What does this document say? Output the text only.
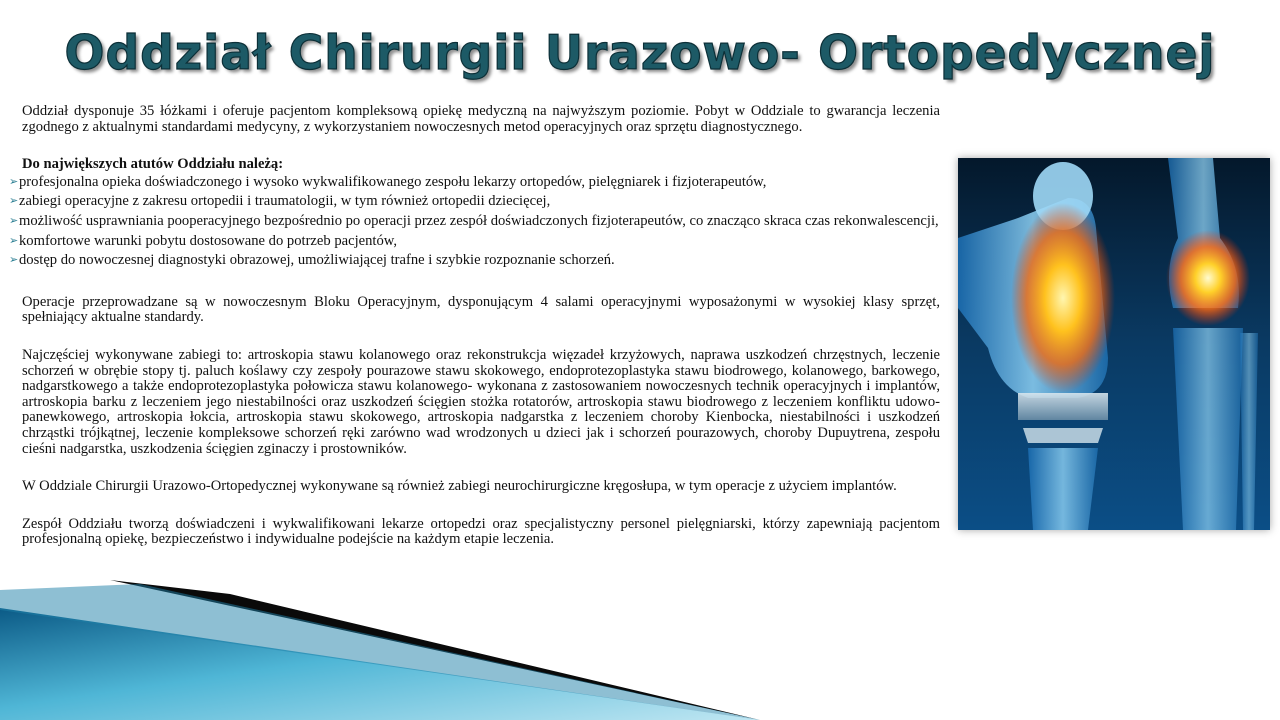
Oddział Chirurgii Urazowo- Ortopedycznej

Oddział dysponuje 35 łóżkami i oferuje pacjentom kompleksową opiekę medyczną na najwyższym poziomie. Pobyt w Oddziale to gwarancja leczenia zgodnego z aktualnymi standardami medycyny, z wykorzystaniem nowoczesnych metod operacyjnych oraz sprzętu diagnostycznego.

Do największych atutów Oddziału należą:

➢ profesjonalna opieka doświadczonego i wysoko wykwalifikowanego zespołu lekarzy ortopedów, pielęgniarek i fizjoterapeutów,
➢ zabiegi operacyjne z zakresu ortopedii i traumatologii, w tym również ortopedii dziecięcej,
➢ możliwość usprawniania pooperacyjnego bezpośrednio po operacji przez zespół doświadczonych fizjoterapeutów, co znacząco skraca czas rekonwalescencji,
➢ komfortowe warunki pobytu dostosowane do potrzeb pacjentów,
➢ dostęp do nowoczesnej diagnostyki obrazowej, umożliwiającej trafne i szybkie rozpoznanie schorzeń.

Operacje przeprowadzane są w nowoczesnym Bloku Operacyjnym, dysponującym 4 salami operacyjnymi wyposażonymi w wysokiej klasy sprzęt, spełniający aktualne standardy.

Najczęściej wykonywane zabiegi to: artroskopia stawu kolanowego oraz rekonstrukcja więzadeł krzyżowych, naprawa uszkodzeń chrzęstnych, leczenie schorzeń w obrębie stopy tj. paluch koślawy czy zespoły pourazowe stawu skokowego, endoprotezoplastyka stawu biodrowego, kolanowego, barkowego, nadgarstkowego a także endoprotezoplastyka połowicza stawu kolanowego- wykonana z zastosowaniem nowoczesnych technik operacyjnych i implantów, artroskopia barku z leczeniem jego niestabilności oraz uszkodzeń ścięgien stożka rotatorów, artroskopia stawu biodrowego z leczeniem konfliktu udowo- panewkowego, artroskopia łokcia, artroskopia stawu skokowego, artroskopia nadgarstka z leczeniem choroby Kienbocka, niestabilności i uszkodzeń chrząstki trójkątnej, leczenie kompleksowe schorzeń ręki zarówno wad wrodzonych u dzieci jak i schorzeń pourazowych, choroby Dupuytrena, zespołu cieśni nadgarstka, uszkodzenia ścięgien zginaczy i prostowników.

W Oddziale Chirurgii Urazowo-Ortopedycznej wykonywane są również zabiegi neurochirurgiczne kręgosłupa, w tym operacje z użyciem implantów.

Zespół Oddziału tworzą doświadczeni i wykwalifikowani lekarze ortopedzi oraz specjalistyczny personel pielęgniarski, którzy zapewniają pacjentom profesjonalną opiekę, bezpieczeństwo i indywidualne podejście na każdym etapie leczenia.
